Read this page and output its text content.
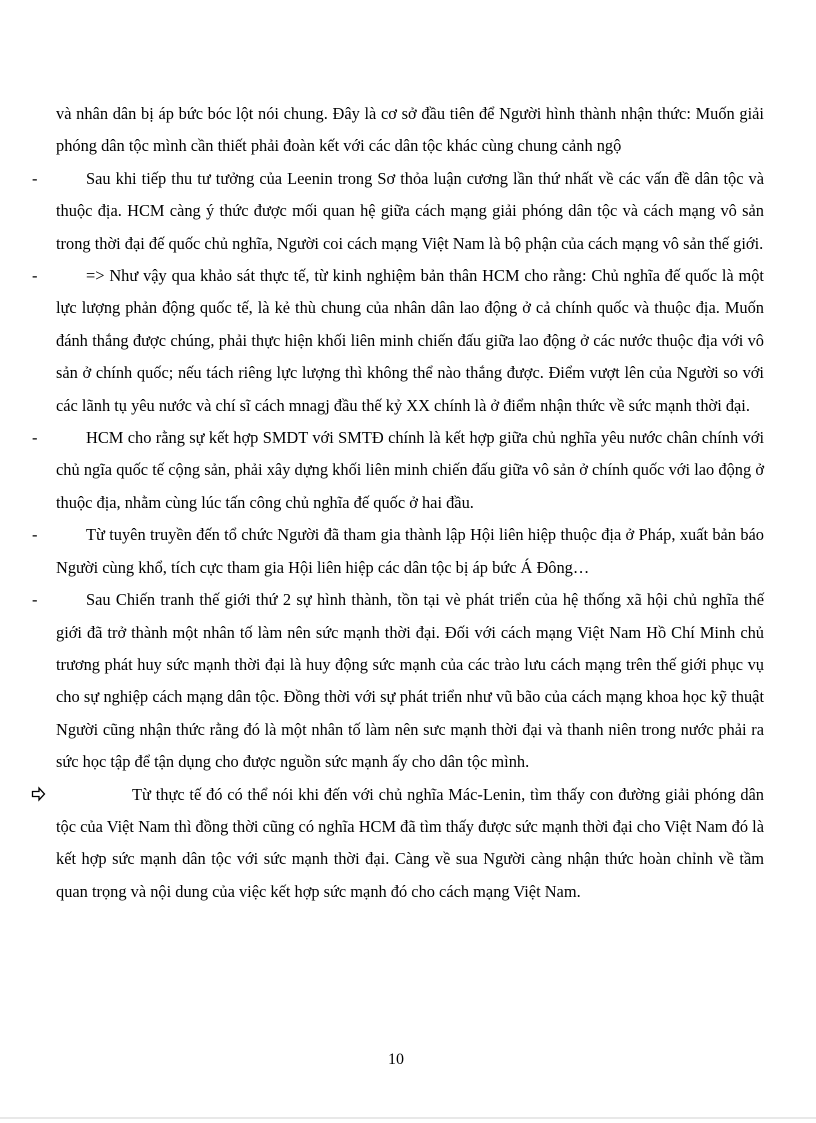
và nhân dân bị áp bức bóc lột nói chung. Đây là cơ sở đầu tiên để Người hình thành nhận thức: Muốn giải phóng dân tộc mình cần thiết phải đoàn kết với các dân tộc khác cùng chung cảnh ngộ

-	Sau khi tiếp thu tư tưởng của Leenin trong Sơ thỏa luận cương lần thứ nhất về các vấn đề dân tộc và thuộc địa. HCM càng ý thức được mối quan hệ giữa cách mạng giải phóng dân tộc và cách mạng vô sản trong thời đại đế quốc chủ nghĩa, Người coi cách mạng Việt Nam là bộ phận của cách mạng vô sản thế giới.

-	=> Như vậy qua khảo sát thực tế, từ kinh nghiệm bản thân HCM cho rằng: Chủ nghĩa đế quốc là một lực lượng phản động quốc tế, là kẻ thù chung của nhân dân lao động ở cả chính quốc và thuộc địa. Muốn đánh thắng được chúng, phải thực hiện khối liên minh chiến đấu giữa lao động ở các nước thuộc địa với vô sản ở chính quốc; nếu tách riêng lực lượng thì không thể nào thắng được. Điểm vượt lên của Người so với các lãnh tụ yêu nước và chí sĩ cách mnagj đầu thế kỷ XX chính là ở điểm nhận thức về sức mạnh thời đại.

-	HCM cho rằng sự kết hợp SMDT với SMTĐ chính là kết hợp giữa chủ nghĩa yêu nước chân chính với chủ ngĩa quốc tế cộng sản, phải xây dựng khối liên minh chiến đấu giữa vô sản ở chính quốc với lao động ở thuộc địa, nhằm cùng lúc tấn công chủ nghĩa đế quốc ở hai đầu.

-	Từ tuyên truyền đến tổ chức Người đã tham gia thành lập Hội liên hiệp thuộc địa ở Pháp, xuất bản báo Người cùng khổ, tích cực tham gia Hội liên hiệp các dân tộc bị áp bức Á Đông…

-	Sau Chiến tranh thế giới thứ 2 sự hình thành, tồn tại vè phát triển của hệ thống xã hội chủ nghĩa thế giới đã trở thành một nhân tố làm nên sức mạnh thời đại. Đối với cách mạng Việt Nam Hồ Chí Minh chủ trương phát huy sức mạnh thời đại là huy động sức mạnh của các trào lưu cách mạng trên thế giới phục vụ cho sự nghiệp cách mạng dân tộc. Đồng thời với sự phát triển như vũ bão của cách mạng khoa học kỹ thuật Người cũng nhận thức rằng đó là một nhân tố làm nên sưc mạnh thời đại và thanh niên trong nước phải ra sức học tập để tận dụng cho được nguồn sức mạnh ấy cho dân tộc mình.

Từ thực tế đó có thể nói khi đến với chủ nghĩa Mác-Lenin, tìm thấy con đường giải phóng dân tộc của Việt Nam thì đồng thời cũng có nghĩa HCM đã tìm thấy được sức mạnh thời đại cho Việt Nam đó là kết hợp sức mạnh dân tộc với sức mạnh thời đại. Càng về sua Người càng nhận thức hoàn chỉnh về tầm quan trọng và nội dung của việc kết hợp sức mạnh đó cho cách mạng Việt Nam.

10
